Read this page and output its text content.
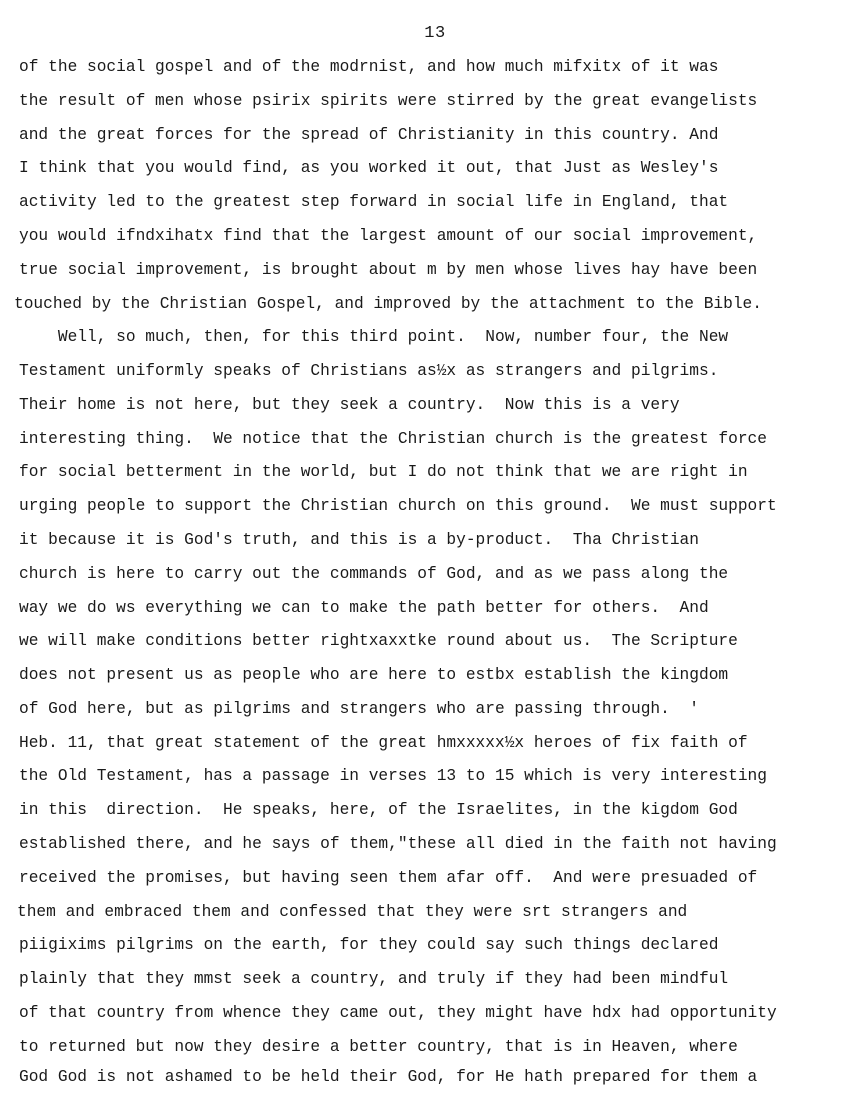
13
of the social gospel and of the modrnist, and how much mifxitx of it was
the result of men whose psirix spirits were stirred by the great evangelists
and the great forces for the spread of Christianity in this country. And
I think that you would find, as you worked it out, that Just as Wesley's
activity led to the greatest step forward in social life in England, that
you would ifndxihatx find that the largest amount of our social improvement,
true social improvement, is brought about m by men whose lives hay have been
touched by the Christian Gospel, and improved by the attachment to the Bible.
Well, so much, then, for this third point.  Now, number four, the New
Testament uniformly speaks of Christians as½x as strangers and pilgrims.
Their home is not here, but they seek a country.  Now this is a very
interesting thing.  We notice that the Christian church is the greatest force
for social betterment in the world, but I do not think that we are right in
urging people to support the Christian church on this ground.  We must support
it because it is God's truth, and this is a by-product.  Tha Christian
church is here to carry out the commands of God, and as we pass along the
way we do ws everything we can to make the path better for others.  And
we will make conditions better rightxaxxtke round about us.  The Scripture
does not present us as people who are here to estbx establish the kingdom
of God here, but as pilgrims and strangers who are passing through.  '
Heb. 11, that great statement of the great hmxxxxx½x heroes of fix faith of
the Old Testament, has a passage in verses 13 to 15 which is very interesting
in this  direction.  He speaks, here, of the Israelites, in the kigdom God
established there, and he says of them,"these all died in the faith not having
received the promises, but having seen them afar off.  And were presuaded of
them and embraced them and confessed that they were srt strangers and
piigixims pilgrims on the earth, for they could say such things declared
plainly that they mmst seek a country, and truly if they had been mindful
of that country from whence they came out, they might have hdx had opportunity
to returned but now they desire a better country, that is in Heaven, where
God God is not ashamed to be held their God, for He hath prepared for them a
